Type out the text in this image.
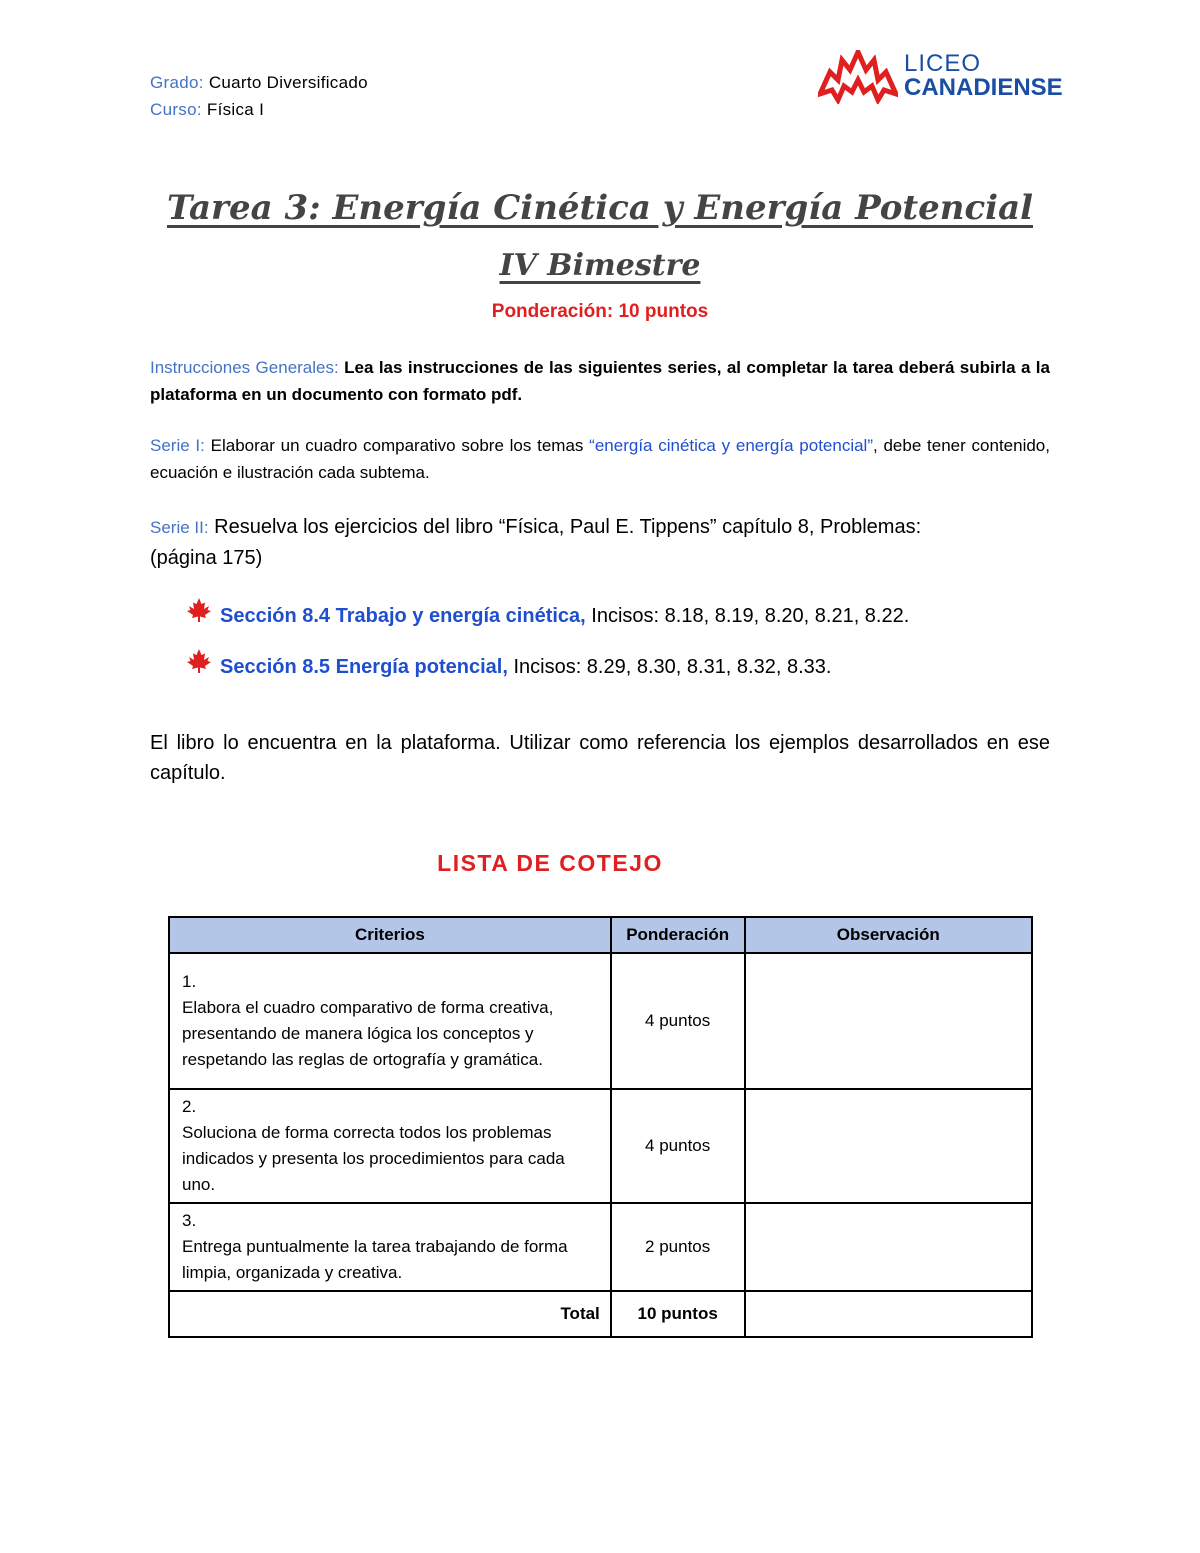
Grado: Cuarto Diversificado
Curso: Física I
LICEO
CANADIENSE
Tarea 3: Energía Cinética y Energía Potencial
IV Bimestre
Ponderación: 10 puntos
Instrucciones Generales: Lea las instrucciones de las siguientes series, al completar la tarea deberá subirla a la plataforma en un documento con formato pdf.
Serie I: Elaborar un cuadro comparativo sobre los temas “energía cinética y energía potencial”, debe tener contenido, ecuación e ilustración cada subtema.
Serie II: Resuelva los ejercicios del libro “Física, Paul E. Tippens” capítulo 8, Problemas: (página 175)
Sección 8.4 Trabajo y energía cinética, Incisos: 8.18, 8.19, 8.20, 8.21, 8.22.
Sección 8.5 Energía potencial, Incisos: 8.29, 8.30, 8.31, 8.32, 8.33.
El libro lo encuentra en la plataforma. Utilizar como referencia los ejemplos desarrollados en ese capítulo.
LISTA DE COTEJO
Criterios	Ponderación	Observación
1.Elabora el cuadro comparativo de forma creativa, presentando de manera lógica los conceptos y respetando las reglas de ortografía y gramática.	4 puntos	
2.Soluciona de forma correcta todos los problemas indicados y presenta los procedimientos para cada uno.	4 puntos	
3.Entrega puntualmente la tarea trabajando de forma limpia, organizada y creativa.	2 puntos	
Total	10 puntos	
